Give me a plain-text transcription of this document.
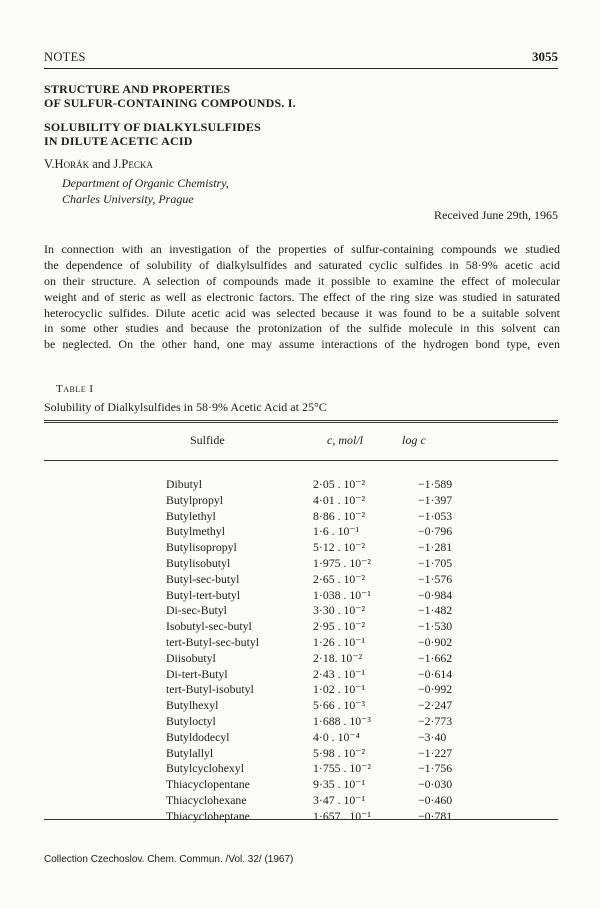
NOTES	3055
STRUCTURE AND PROPERTIES
OF SULFUR-CONTAINING COMPOUNDS. I.
SOLUBILITY OF DIALKYLSULFIDES
IN DILUTE ACETIC ACID
V.Horák and J.Pecka
Department of Organic Chemistry,
Charles University, Prague
Received June 29th, 1965
In connection with an investigation of the properties of sulfur-containing compounds we studied
the dependence of solubility of dialkylsulfides and saturated cyclic sulfides in 58·9% acetic acid
on their structure. A selection of compounds made it possible to examine the effect of molecular
weight and of steric as well as electronic factors. The effect of the ring size was studied in saturated
heterocyclic sulfides. Dilute acetic acid was selected because it was found to be a suitable solvent
in some other studies and because the protonization of the sulfide molecule in this solvent can
be neglected. On the other hand, one may assume interactions of the hydrogen bond type, even
Table I
Solubility of Dialkylsulfides in 58·9% Acetic Acid at 25°C
Sulfide	c, mol/l	log c
Dibutyl	2·05 . 10⁻²	−1·589
Butylpropyl	4·01 . 10⁻²	−1·397
Butylethyl	8·86 . 10⁻²	−1·053
Butylmethyl	1·6 . 10⁻¹	−0·796
Butylisopropyl	5·12 . 10⁻²	−1·281
Butylisobutyl	1·975 . 10⁻²	−1·705
Butyl-sec-butyl	2·65 . 10⁻²	−1·576
Butyl-tert-butyl	1·038 . 10⁻¹	−0·984
Di-sec-Butyl	3·30 . 10⁻²	−1·482
Isobutyl-sec-butyl	2·95 . 10⁻²	−1·530
tert-Butyl-sec-butyl	1·26 . 10⁻¹	−0·902
Diisobutyl	2·18. 10⁻²	−1·662
Di-tert-Butyl	2·43 . 10⁻¹	−0·614
tert-Butyl-isobutyl	1·02 . 10⁻¹	−0·992
Butylhexyl	5·66 . 10⁻³	−2·247
Butyloctyl	1·688 . 10⁻³	−2·773
Butyldodecyl	4·0 . 10⁻⁴	−3·40
Butylallyl	5·98 . 10⁻²	−1·227
Butylcyclohexyl	1·755 . 10⁻²	−1·756
Thiacyclopentane	9·35 . 10⁻¹	−0·030
Thiacyclohexane	3·47 . 10⁻¹	−0·460
Thiacycloheptane	1·657 . 10⁻¹	−0·781
Collection Czechoslov. Chem. Commun. /Vol. 32/ (1967)
